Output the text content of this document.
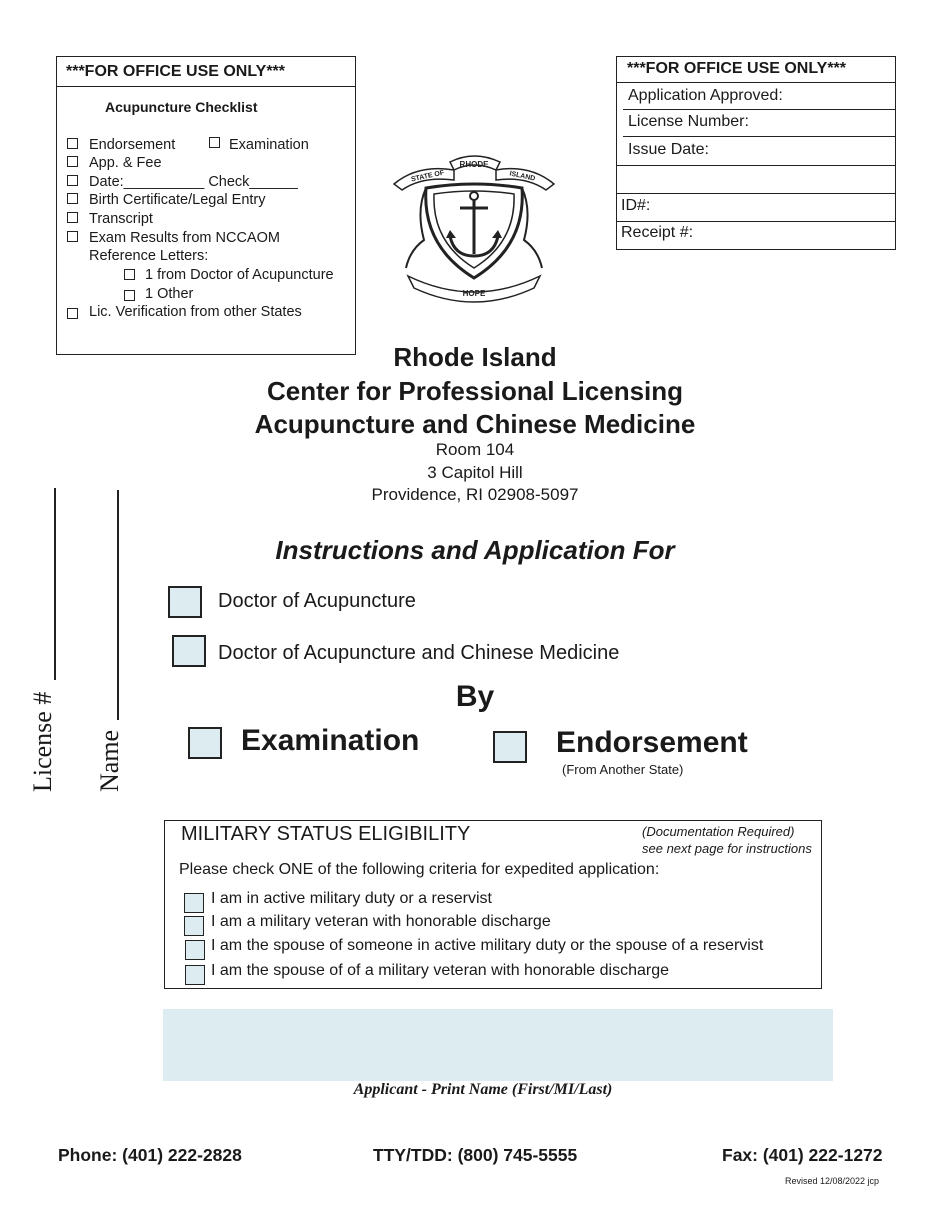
***FOR OFFICE USE ONLY***
Acupuncture Checklist
Endorsement	Examination
App. & Fee
Date:__________ Check______
Birth Certificate/Legal Entry
Transcript
Exam Results from NCCAOM
Reference Letters:
1 from Doctor of Acupuncture
1 Other
Lic. Verification from other States
***FOR OFFICE USE ONLY***
Application Approved:
License Number:
Issue Date:
ID#:
Receipt #:
RHODE
STATE OF	ISLAND
HOPE
Rhode Island
Center for Professional Licensing
Acupuncture and Chinese Medicine
Room 104
3 Capitol Hill
Providence, RI 02908-5097
License # Name
Instructions and Application For
Doctor of Acupuncture
Doctor of Acupuncture and Chinese Medicine
By
Examination	Endorsement
(From Another State)
MILITARY STATUS ELIGIBILITY	(Documentation Required)
see next page for instructions
Please check ONE of the following criteria for expedited application:
I am in active military duty or a reservist
I am a military veteran with honorable discharge
I am the spouse of someone in active military duty or the spouse of a reservist
I am the spouse of of a military veteran with honorable discharge
Applicant - Print Name (First/MI/Last)
Phone: (401) 222-2828	TTY/TDD: (800) 745-5555	Fax: (401) 222-1272
Revised 12/08/2022 jcp
